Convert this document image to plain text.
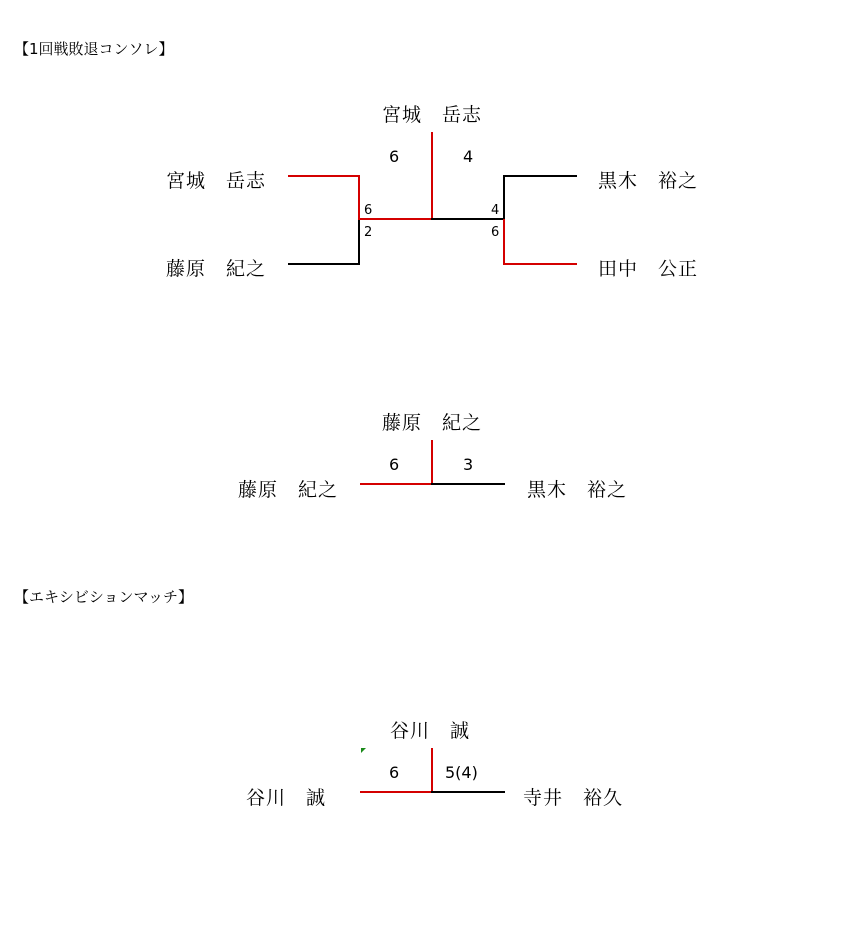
【1回戦敗退コンソレ】
宮城　岳志
6	4
宮城　岳志
藤原　紀之
黒木　裕之
田中　公正
6
2
4
6
藤原　紀之
6	3
藤原　紀之	黒木　裕之
【エキシビションマッチ】
谷川　誠
6	5(4)
谷川　誠	寺井　裕久
